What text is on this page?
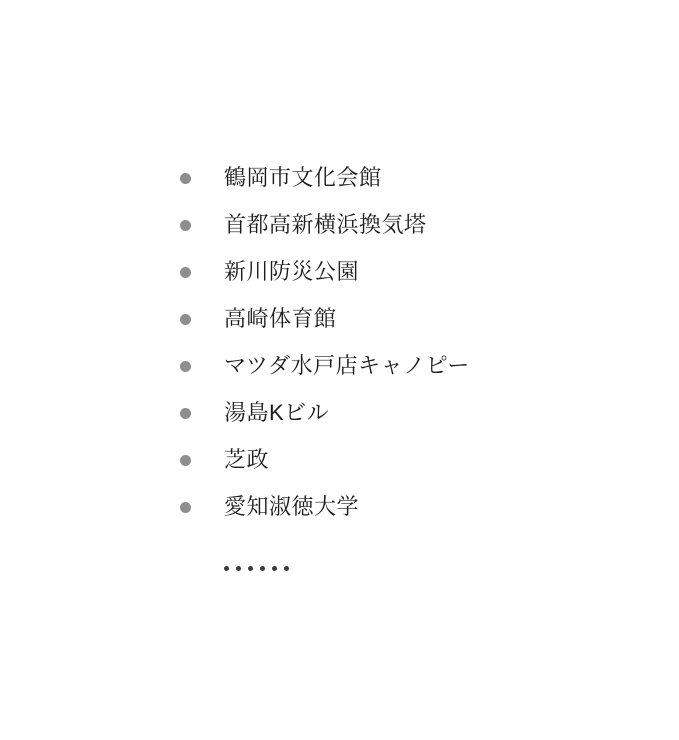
鶴岡市文化会館
首都高新横浜換気塔
新川防災公園
高崎体育館
マツダ水戸店キャノピー
湯島Kビル
芝政
愛知淑徳大学
